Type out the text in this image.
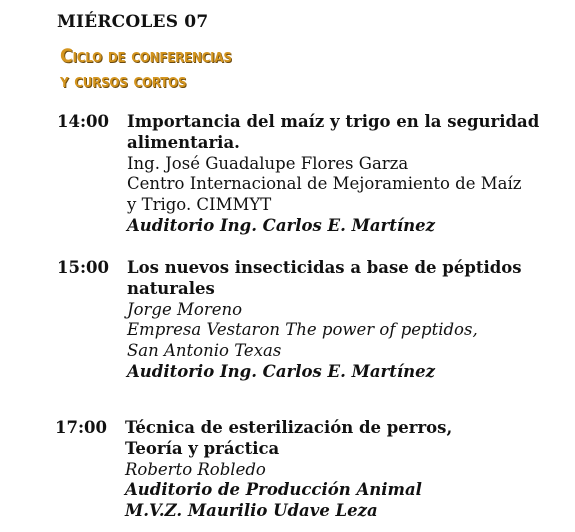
MIÉRCOLES 07
Ciclo de conferencias
y cursos cortos
14:00 Importancia del maíz y trigo en la seguridad
alimentaria.
Ing. José Guadalupe Flores Garza
Centro Internacional de Mejoramiento de Maíz
y Trigo. CIMMYT
Auditorio Ing. Carlos E. Martínez
15:00 Los nuevos insecticidas a base de péptidos
naturales
Jorge Moreno
Empresa Vestaron The power of peptidos,
San Antonio Texas
Auditorio Ing. Carlos E. Martínez
17:00 Técnica de esterilización de perros,
Teoría y práctica
Roberto Robledo
Auditorio de Producción Animal
M.V.Z. Maurilio Udave Leza
